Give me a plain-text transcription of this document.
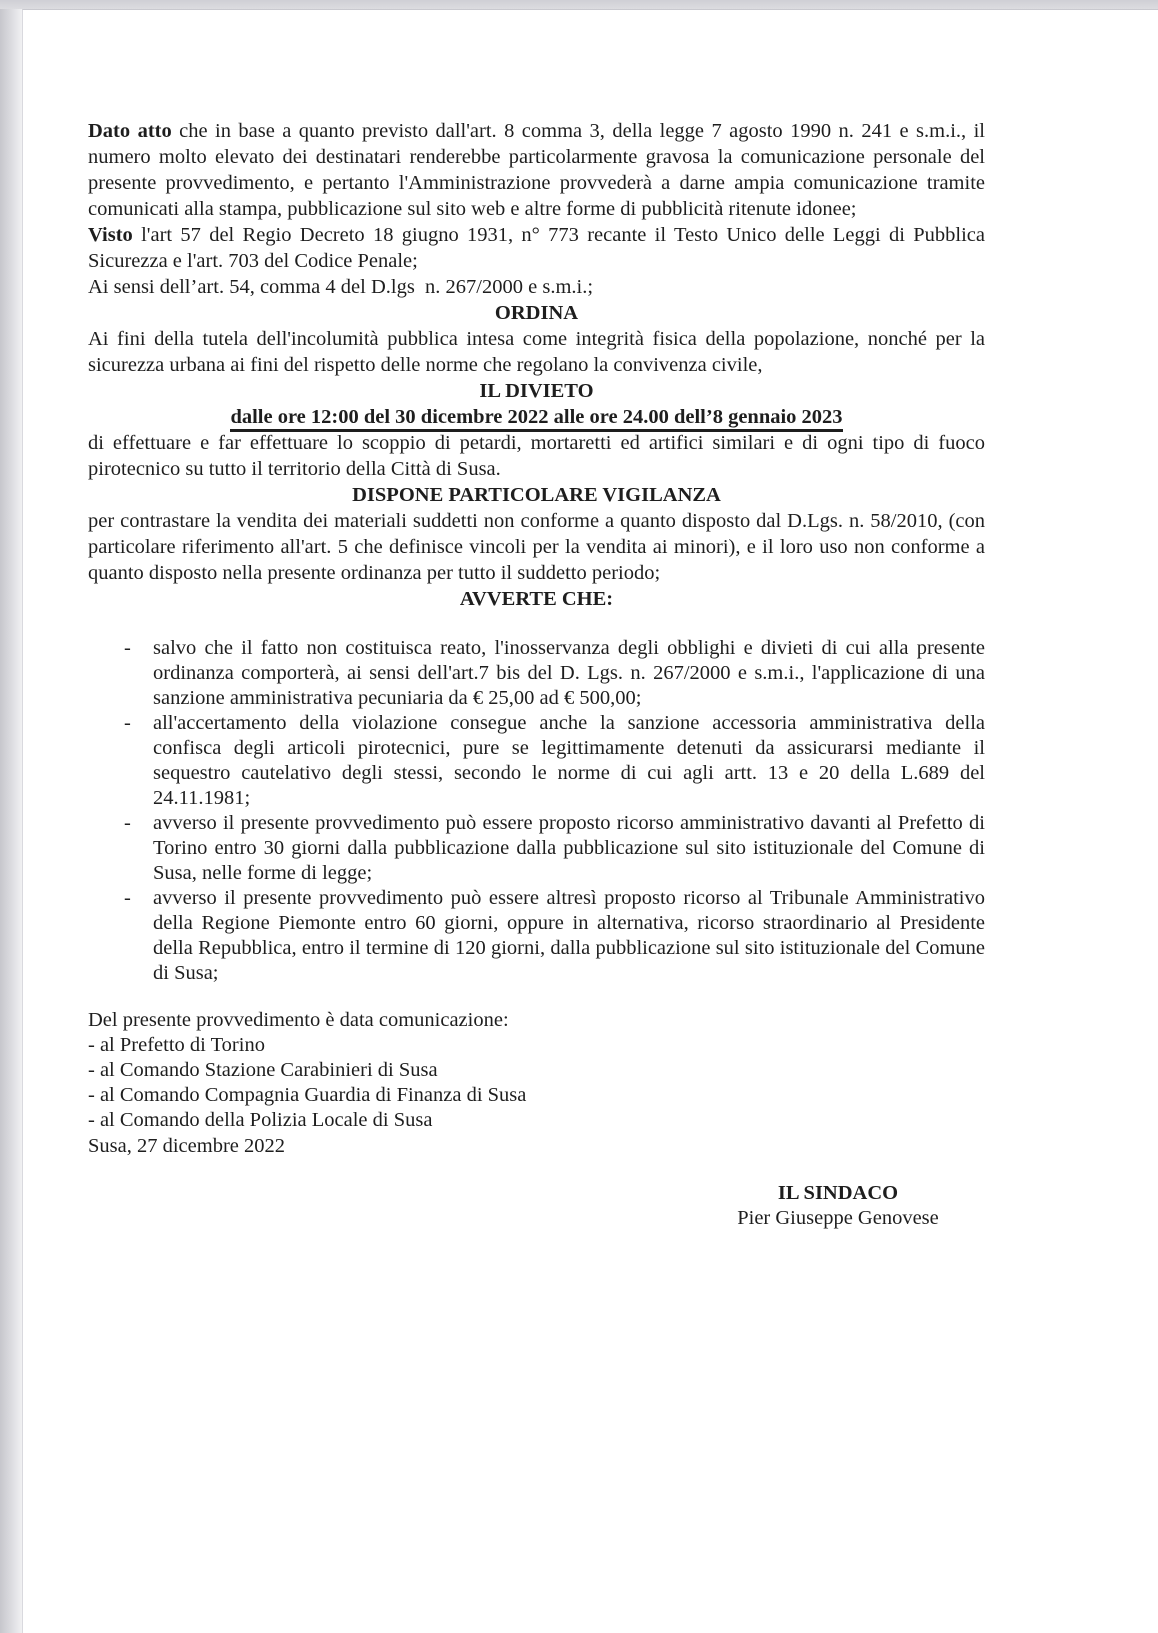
Dato atto che in base a quanto previsto dall'art. 8 comma 3, della legge 7 agosto 1990 n. 241 e s.m.i., il numero molto elevato dei destinatari renderebbe particolarmente gravosa la comunicazione personale del presente provvedimento, e pertanto l'Amministrazione provvederà a darne ampia comunicazione tramite comunicati alla stampa, pubblicazione sul sito web e altre forme di pubblicità ritenute idonee;

Visto l'art 57 del Regio Decreto 18 giugno 1931, n° 773 recante il Testo Unico delle Leggi di Pubblica Sicurezza e l'art. 703 del Codice Penale;

Ai sensi dell’art. 54, comma 4 del D.lgs  n. 267/2000 e s.m.i.;

ORDINA

Ai fini della tutela dell'incolumità pubblica intesa come integrità fisica della popolazione, nonché per la sicurezza urbana ai fini del rispetto delle norme che regolano la convivenza civile,

IL DIVIETO

dalle ore 12:00 del 30 dicembre 2022 alle ore 24.00 dell’8 gennaio 2023

di effettuare e far effettuare lo scoppio di petardi, mortaretti ed artifici similari e di ogni tipo di fuoco pirotecnico su tutto il territorio della Città di Susa.

DISPONE PARTICOLARE VIGILANZA

per contrastare la vendita dei materiali suddetti non conforme a quanto disposto dal D.Lgs. n. 58/2010, (con particolare riferimento all'art. 5 che definisce vincoli per la vendita ai minori), e il loro uso non conforme a quanto disposto nella presente ordinanza per tutto il suddetto periodo;

AVVERTE CHE:

- salvo che il fatto non costituisca reato, l'inosservanza degli obblighi e divieti di cui alla presente ordinanza comporterà, ai sensi dell'art.7 bis del D. Lgs. n. 267/2000 e s.m.i., l'applicazione di una sanzione amministrativa pecuniaria da € 25,00 ad € 500,00;
- all'accertamento della violazione consegue anche la sanzione accessoria amministrativa della confisca degli articoli pirotecnici, pure se legittimamente detenuti da assicurarsi mediante il sequestro cautelativo degli stessi, secondo le norme di cui agli artt. 13 e 20 della L.689 del 24.11.1981;
- avverso il presente provvedimento può essere proposto ricorso amministrativo davanti al Prefetto di Torino entro 30 giorni dalla pubblicazione dalla pubblicazione sul sito istituzionale del Comune di Susa, nelle forme di legge;
- avverso il presente provvedimento può essere altresì proposto ricorso al Tribunale Amministrativo della Regione Piemonte entro 60 giorni, oppure in alternativa, ricorso straordinario al Presidente della Repubblica, entro il termine di 120 giorni, dalla pubblicazione sul sito istituzionale del Comune di Susa;
Del presente provvedimento è data comunicazione:
- al Prefetto di Torino
- al Comando Stazione Carabinieri di Susa
- al Comando Compagnia Guardia di Finanza di Susa
- al Comando della Polizia Locale di Susa

Susa, 27 dicembre 2022

IL SINDACO
Pier Giuseppe Genovese
